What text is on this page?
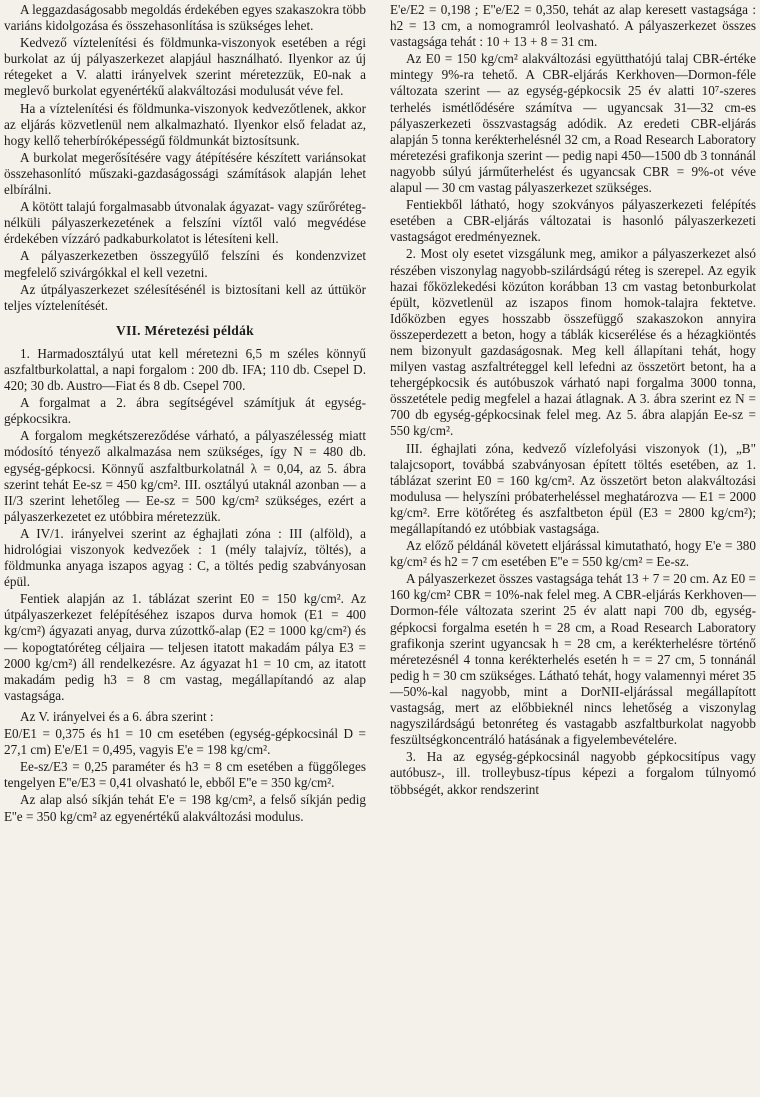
A leggazdaságosabb megoldás érdekében egyes szakaszokra több variáns kidolgozása és összehasonlítása is szükséges lehet.

Kedvező víztelenítési és földmunka-viszonyok esetében a régi burkolat az új pályaszerkezet alapjául használható. Ilyenkor az új rétegeket a V. alatti irányelvek szerint méretezzük, E0-nak a meglevő burkolat egyenértékű alakváltozási modulusát véve fel.

Ha a víztelenítési és földmunka-viszonyok kedvezőtlenek, akkor az eljárás közvetlenül nem alkalmazható. Ilyenkor első feladat az, hogy kellő teherbíróképességű földmunkát biztosítsunk.

A burkolat megerősítésére vagy átépítésére készített variánsokat összehasonlító műszaki-gazdaságossági számítások alapján lehet elbírálni.

A kötött talajú forgalmasabb útvonalak ágyazat- vagy szűrőréteg-nélküli pályaszerkezetének a felszíni víztől való megvédése érdekében vízzáró padkaburkolatot is létesíteni kell.

A pályaszerkezetben összegyűlő felszíni és kondenzvizet megfelelő szivárgókkal el kell vezetni.

Az útpályaszerkezet szélesítésénél is biztosítani kell az úttükör teljes víztelenítését.

VII. Méretezési példák

1. Harmadosztályú utat kell méretezni 6,5 m széles könnyű aszfaltburkolattal, a napi forgalom : 200 db. IFA; 110 db. Csepel D. 420; 30 db. Austro—Fiat és 8 db. Csepel 700.

A forgalmat a 2. ábra segítségével számítjuk át egység-gépkocsikra.

A forgalom megkétszereződése várható, a pályaszélesség miatt módosító tényező alkalmazása nem szükséges, így N = 480 db. egység-gépkocsi. Könnyű aszfaltburkolatnál λ = 0,04, az 5. ábra szerint tehát Ee-sz = 450 kg/cm². III. osztályú utaknál azonban — a II/3 szerint lehetőleg — Ee-sz = 500 kg/cm² szükséges, ezért a pályaszerkezetet ez utóbbira méretezzük.

A IV/1. irányelvei szerint az éghajlati zóna : III (alföld), a hidrológiai viszonyok kedvezőek : 1 (mély talajvíz, töltés), a földmunka anyaga iszapos agyag : C, a töltés pedig szabványosan épül.

Fentiek alapján az 1. táblázat szerint E0 = 150 kg/cm². Az útpályaszerkezet felépítéséhez iszapos durva homok (E1 = 400 kg/cm²) ágyazati anyag, durva zúzottkő-alap (E2 = 1000 kg/cm²) és — kopogtatóréteg céljaira — teljesen itatott makadám pálya E3 = 2000 kg/cm²) áll rendelkezésre. Az ágyazat h1 = 10 cm, az itatott makadám pedig h3 = 8 cm vastag, megállapítandó az alap vastagsága.

Az V. irányelvei és a 6. ábra szerint :

E0/E1 = 0,375 és h1 = 10 cm esetében (egység-gépkocsinál D = 27,1 cm) E'e/E1 = 0,495, vagyis E'e = 198 kg/cm².

Ee-sz/E3 = 0,25 paraméter és h3 = 8 cm esetében a függőleges tengelyen E''e/E3 = 0,41 olvasható le, ebből E''e = 350 kg/cm².

Az alap alsó síkján tehát E'e = 198 kg/cm², a felső síkján pedig E''e = 350 kg/cm² az egyenértékű alakváltozási modulus.

E'e/E2 = 0,198 ; E''e/E2 = 0,350, tehát az alap keresett vastagsága : h2 = 13 cm, a nomogramról leolvasható. A pályaszerkezet összes vastagsága tehát : 10 + 13 + 8 = 31 cm.

Az E0 = 150 kg/cm² alakváltozási együtthatójú talaj CBR-értéke mintegy 9%-ra tehető. A CBR-eljárás Kerkhoven—Dormon-féle változata szerint — az egység-gépkocsik 25 év alatti 10⁷-szeres terhelés ismétlődésére számítva — ugyancsak 31—32 cm-es pályaszerkezeti összvastagság adódik. Az eredeti CBR-eljárás alapján 5 tonna kerékterhelésnél 32 cm, a Road Research Laboratory méretezési grafikonja szerint — pedig napi 450—1500 db 3 tonnánál nagyobb súlyú járműterhelést és ugyancsak CBR = 9%-ot véve alapul — 30 cm vastag pályaszerkezet szükséges.

Fentiekből látható, hogy szokványos pályaszerkezeti felépítés esetében a CBR-eljárás változatai is hasonló pályaszerkezeti vastagságot eredményeznek.

2. Most oly esetet vizsgálunk meg, amikor a pályaszerkezet alsó részében viszonylag nagyobb-szilárdságú réteg is szerepel. Az egyik hazai főközlekedési közúton korábban 13 cm vastag betonburkolat épült, közvetlenül az iszapos finom homok-talajra fektetve. Időközben egyes hosszabb összefüggő szakaszokon annyira összeperdezett a beton, hogy a táblák kicserélése és a hézagkiöntés nem bizonyult gazdaságosnak. Meg kell állapítani tehát, hogy milyen vastag aszfaltréteggel kell lefedni az összetört betont, ha a tehergépkocsik és autóbuszok várható napi forgalma 3000 tonna, összetétele pedig megfelel a hazai átlagnak. A 3. ábra szerint ez N = 700 db egység-gépkocsinak felel meg. Az 5. ábra alapján Ee-sz = 550 kg/cm².

III. éghajlati zóna, kedvező vízlefolyási viszonyok (1), „B" talajcsoport, továbbá szabványosan épített töltés esetében, az 1. táblázat szerint E0 = 160 kg/cm². Az összetört beton alakváltozási modulusa — helyszíni próbaterheléssel meghatározva — E1 = 2000 kg/cm². Erre kötőréteg és aszfaltbeton épül (E3 = 2800 kg/cm²); megállapítandó ez utóbbiak vastagsága.

Az előző példánál követett eljárással kimutatható, hogy E'e = 380 kg/cm² és h2 = 7 cm esetében E''e = 550 kg/cm² = Ee-sz.

A pályaszerkezet összes vastagsága tehát 13 + 7 = 20 cm. Az E0 = 160 kg/cm² CBR = 10%-nak felel meg. A CBR-eljárás Kerkhoven—Dormon-féle változata szerint 25 év alatt napi 700 db, egység-gépkocsi forgalma esetén h = 28 cm, a Road Research Laboratory grafikonja szerint ugyancsak h = 28 cm, a kerékterhelésre történő méretezésnél 4 tonna kerékterhelés esetén h = = 27 cm, 5 tonnánál pedig h = 30 cm szükséges. Látható tehát, hogy valamennyi méret 35—50%-kal nagyobb, mint a DorNII-eljárással megállapított vastagság, mert az előbbieknél nincs lehetőség a viszonylag nagyszilárdságú betonréteg és vastagabb aszfaltburkolat nagyobb feszültségkoncentráló hatásának a figyelembevételére.

3. Ha az egység-gépkocsinál nagyobb gépkocsitípus vagy autóbusz-, ill. trolleybusz-típus képezi a forgalom túlnyomó többségét, akkor rendszerint
